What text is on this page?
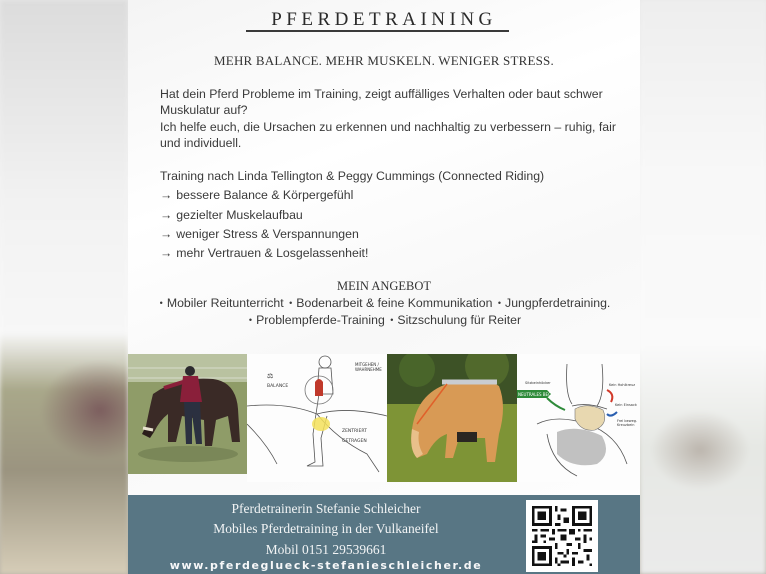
PFERDETRAINING
MEHR BALANCE. MEHR MUSKELN. WENIGER STRESS.

Hat dein Pferd Probleme im Training, zeigt auffälliges Verhalten oder baut schwer Muskulatur auf?

Ich helfe euch, die Ursachen zu erkennen und nachhaltig zu verbessern – ruhig, fair und individuell.

Training nach Linda Tellington & Peggy Cummings (Connected Riding)
→ bessere Balance & Körpergefühl
→ gezielter Muskelaufbau
→ weniger Stress & Verspannungen
→ mehr Vertrauen & Losgelassenheit!
MEIN ANGEBOT
• Mobiler Reitunterricht • Bodenarbeit & feine Kommunikation • Jungpferdetraining.
• Problempferde-Training • Sitzschulung für Reiter
BALANCE
⚖
MITGEHEN /
WAHRNEHME
ZENTRIERT
GETRAGEN
NEUTRALES BECKEN
Sitzbeinhöcker	Kein Hohlkreuz
Kein Einsack
Frei beweg.
Kreuzbein
Pferdetrainerin Stefanie Schleicher
Mobiles Pferdetraining in der Vulkaneifel
Mobil 0151 29539661
www.pferdeglueck-stefanieschleicher.de
